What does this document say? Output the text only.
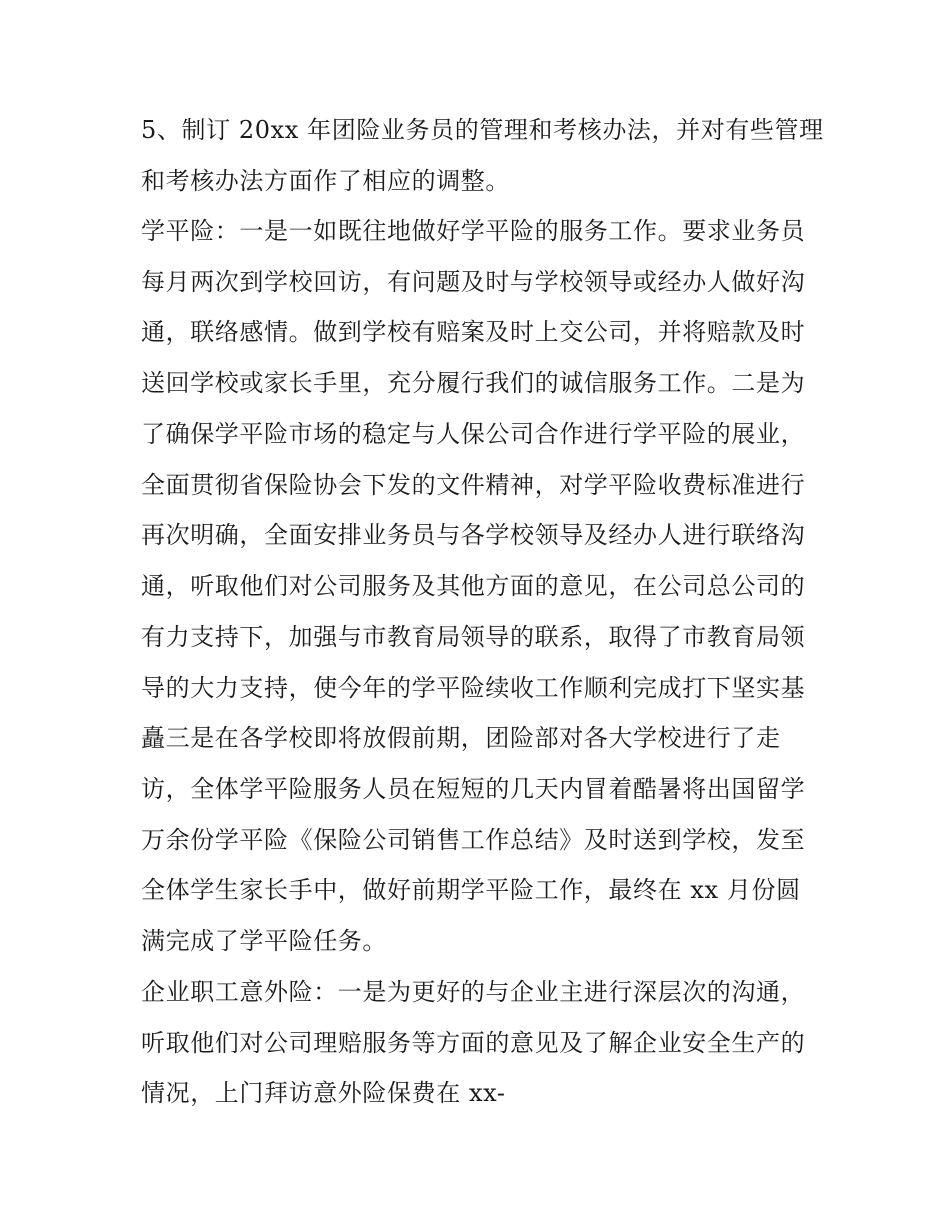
5、制订 20xx 年团险业务员的管理和考核办法，并对有些管理
和考核办法方面作了相应的调整。
学平险：一是一如既往地做好学平险的服务工作。要求业务员
每月两次到学校回访，有问题及时与学校领导或经办人做好沟
通，联络感情。做到学校有赔案及时上交公司，并将赔款及时
送回学校或家长手里，充分履行我们的诚信服务工作。二是为
了确保学平险市场的稳定与人保公司合作进行学平险的展业，
全面贯彻省保险协会下发的文件精神，对学平险收费标准进行
再次明确，全面安排业务员与各学校领导及经办人进行联络沟
通，听取他们对公司服务及其他方面的意见，在公司总公司的
有力支持下，加强与市教育局领导的联系，取得了市教育局领
导的大力支持，使今年的学平险续收工作顺利完成打下坚实基
矗三是在各学校即将放假前期，团险部对各大学校进行了走
访，全体学平险服务人员在短短的几天内冒着酷暑将出国留学
万余份学平险《保险公司销售工作总结》及时送到学校，发至
全体学生家长手中，做好前期学平险工作，最终在 xx 月份圆
满完成了学平险任务。
企业职工意外险：一是为更好的与企业主进行深层次的沟通，
听取他们对公司理赔服务等方面的意见及了解企业安全生产的
情况，上门拜访意外险保费在 xx-
